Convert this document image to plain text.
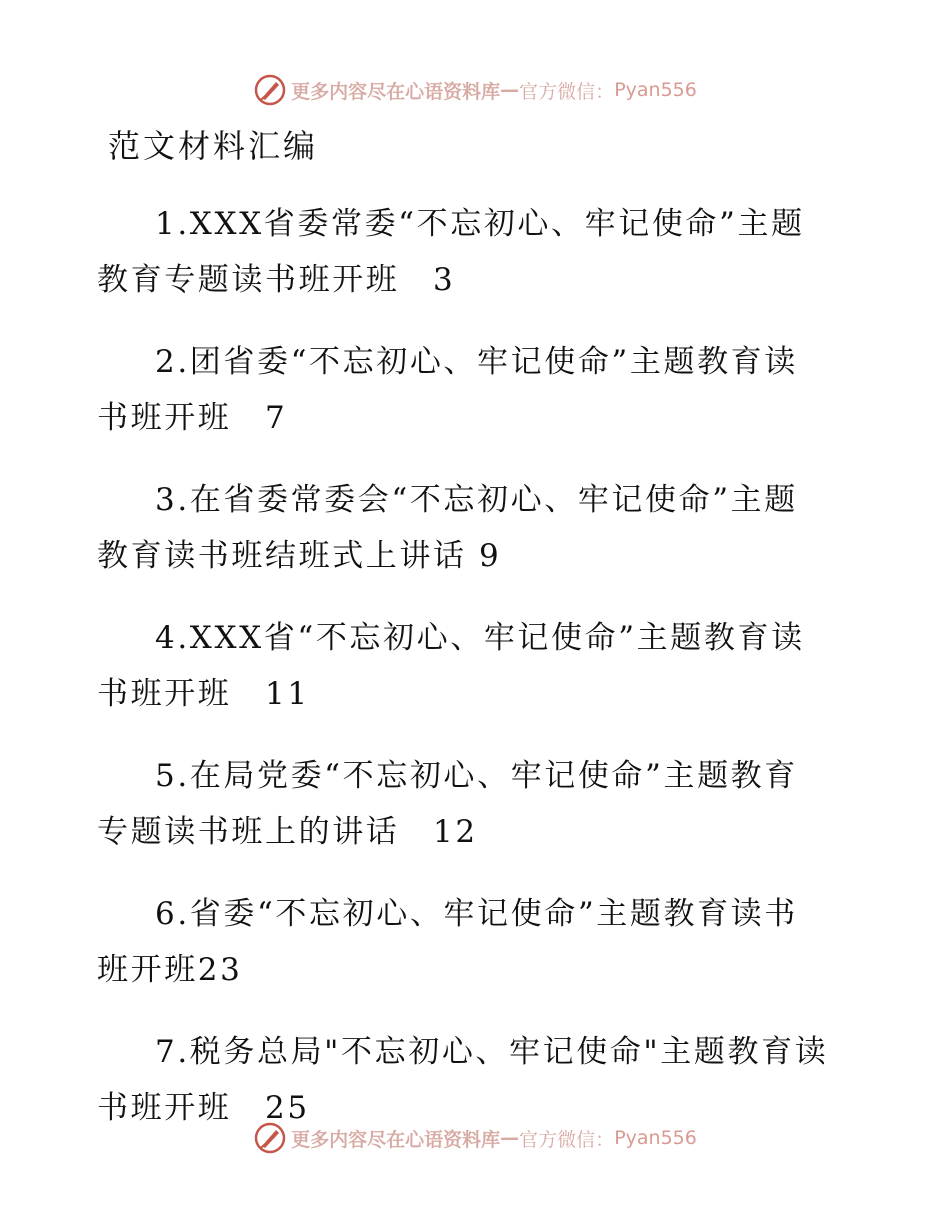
更多内容尽在心语资料库 — 官方微信： Pyan556
范文材料汇编
1.XXX省委常委“不忘初心、牢记使命”主题
教育专题读书班开班　3
2.团省委“不忘初心、牢记使命”主题教育读
书班开班　7
3.在省委常委会“不忘初心、牢记使命”主题
教育读书班结班式上讲话 9
4.XXX省“不忘初心、牢记使命”主题教育读
书班开班　11
5.在局党委“不忘初心、牢记使命”主题教育
专题读书班上的讲话　12
6.省委“不忘初心、牢记使命”主题教育读书
班开班23
7.税务总局"不忘初心、牢记使命"主题教育读
书班开班　25
更多内容尽在心语资料库 — 官方微信： Pyan556
